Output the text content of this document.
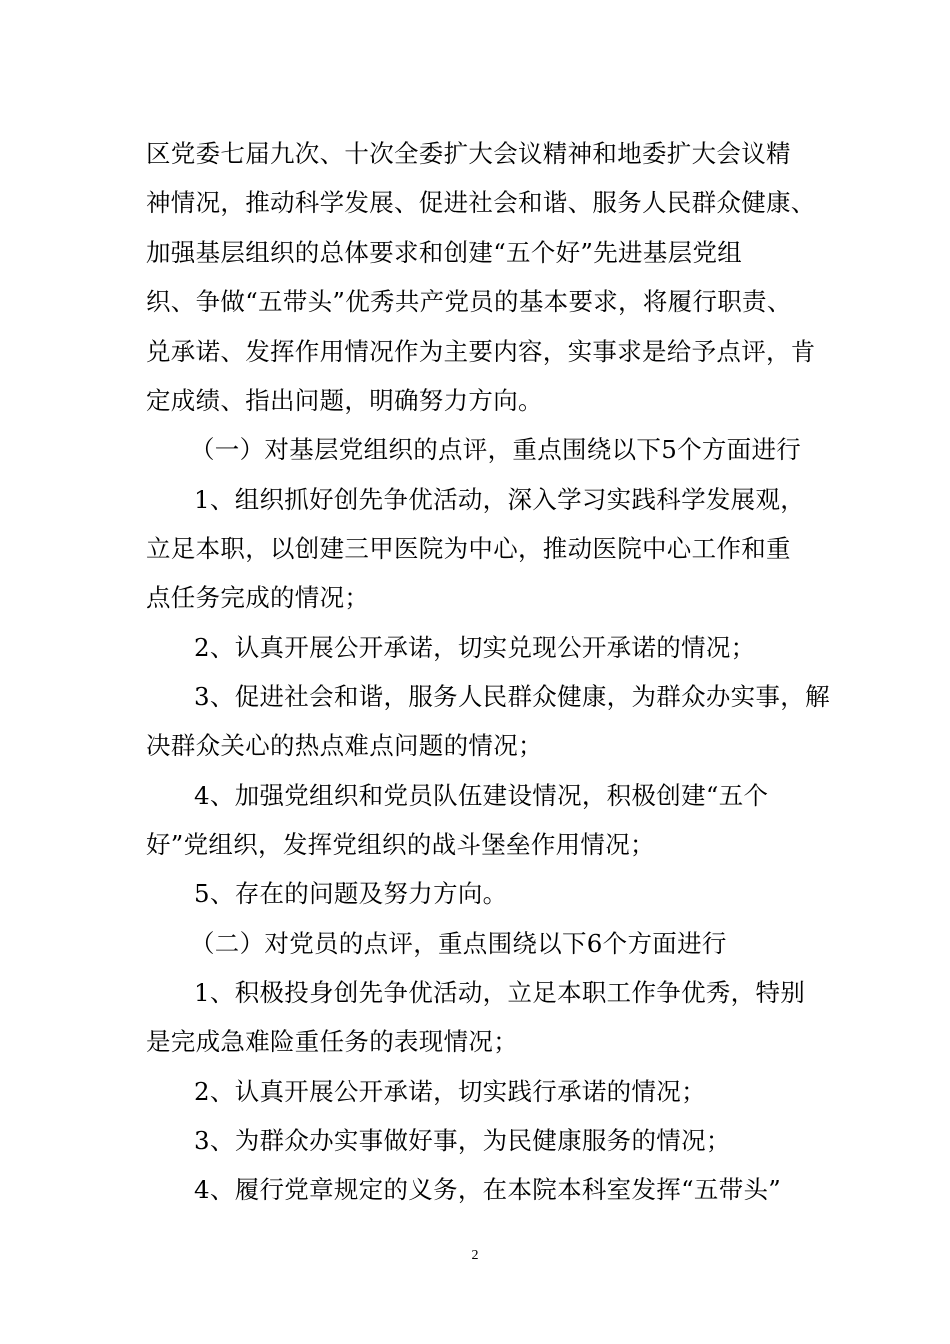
区党委七届九次、十次全委扩大会议精神和地委扩大会议精
神情况，推动科学发展、促进社会和谐、服务人民群众健康、
加强基层组织的总体要求和创建“五个好”先进基层党组
织、争做“五带头”优秀共产党员的基本要求，将履行职责、
兑承诺、发挥作用情况作为主要内容，实事求是给予点评，肯
定成绩、指出问题，明确努力方向。
（一）对基层党组织的点评，重点围绕以下5个方面进行
1、组织抓好创先争优活动，深入学习实践科学发展观，
立足本职，以创建三甲医院为中心，推动医院中心工作和重
点任务完成的情况；
2、认真开展公开承诺，切实兑现公开承诺的情况；
3、促进社会和谐，服务人民群众健康，为群众办实事，解
决群众关心的热点难点问题的情况；
4、加强党组织和党员队伍建设情况，积极创建“五个
好”党组织，发挥党组织的战斗堡垒作用情况；
5、存在的问题及努力方向。
（二）对党员的点评，重点围绕以下6个方面进行
1、积极投身创先争优活动，立足本职工作争优秀，特别
是完成急难险重任务的表现情况；
2、认真开展公开承诺，切实践行承诺的情况；
3、为群众办实事做好事，为民健康服务的情况；
4、履行党章规定的义务，在本院本科室发挥“五带头”
2
